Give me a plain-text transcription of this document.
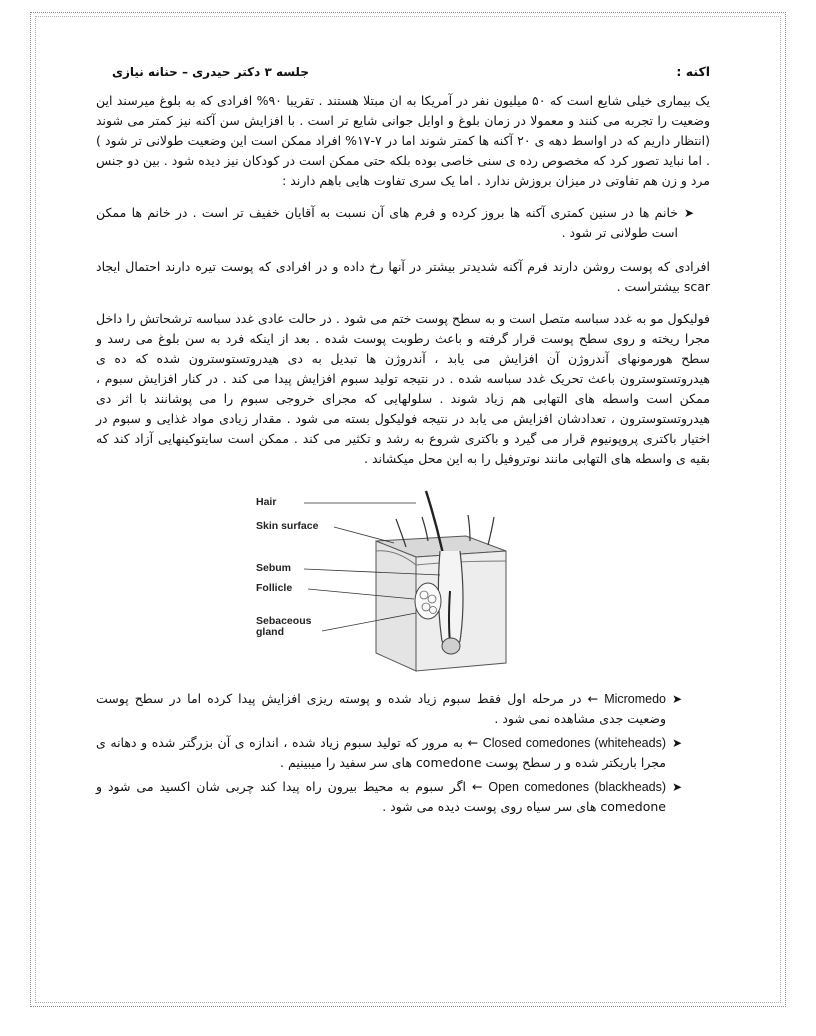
اکنه :
جلسه ۳ دکتر حیدری – حنانه نیازی

یک بیماری خیلی شایع است که ۵۰ میلیون نفر در آمریکا به ان مبتلا هستند . تقریبا ۹۰% افرادی که به بلوغ میرسند این وضعیت را تجربه می کنند و معمولا در زمان بلوغ و اوایل جوانی شایع تر است . با افزایش سن آکنه نیز کمتر می شوند (انتظار داریم که در اواسط دهه ی ۲۰ آکنه ها کمتر شوند اما در ۷-۱۷% افراد ممکن است این وضعیت طولانی تر شود ) . اما نباید تصور کرد که مخصوص رده ی سنی خاصی بوده بلکه حتی ممکن است در کودکان نیز دیده شود . بین دو جنس مرد و زن هم تفاوتی در میزان بروزش ندارد . اما یک سری تفاوت هایی باهم دارند :

➤
خانم ها در سنین کمتری آکنه ها بروز کرده و فرم های آن نسبت به آقایان خفیف تر است . در خانم ها ممکن است طولانی تر شود .

افرادی که پوست روشن دارند فرم آکنه شدیدتر بیشتر در آنها رخ داده و در افرادی که پوست تیره دارند احتمال ایجاد scar بیشتراست .

فولیکول مو به غدد سباسه متصل است و به سطح پوست ختم می شود . در حالت عادی غدد سباسه ترشحاتش را داخل مجرا ریخته و روی سطح پوست قرار گرفته و باعث رطوبت پوست شده . بعد از اینکه فرد به سن بلوغ می رسد و سطح هورمونهای آندروژن آن افزایش می یابد ، آندروژن ها تبدیل به دی هیدروتستوسترون شده که ده ی هیدروتستوسترون باعث تحریک غدد سباسه شده . در نتیجه تولید سبوم افزایش پیدا می کند . در کنار افزایش سبوم ، ممکن است واسطه های التهابی هم زیاد شوند . سلولهایی که مجرای خروجی سبوم را می پوشانند با اثر دی هیدروتستوسترون ، تعدادشان افزایش می یابد در نتیجه فولیکول بسته می شود . مقدار زیادی مواد غذایی و سبوم در اختیار باکتری پروپونیوم قرار می گیرد و باکتری شروع به رشد و تکثیر می کند . ممکن است سایتوکینهایی آزاد کند که بقیه ی واسطه های التهابی مانند نوتروفیل را به این محل میکشاند .

Hair
Skin surface
Sebum
Follicle
Sebaceous gland
➤
Micromedo ← در مرحله اول فقط سبوم زیاد شده و پوسته ریزی افزایش پیدا کرده اما در سطح پوست وضعیت جدی مشاهده نمی شود .
➤
Closed comedones (whiteheads) ← به مرور که تولید سبوم زیاد شده ، اندازه ی آن بزرگتر شده و دهانه ی مجرا باریکتر شده و ر سطح پوست comedone های سر سفید را میبینیم .
➤
Open comedones (blackheads) ← اگر سبوم به محیط بیرون راه پیدا کند چربی شان اکسید می شود و comedone های سر سیاه روی پوست دیده می شود .
